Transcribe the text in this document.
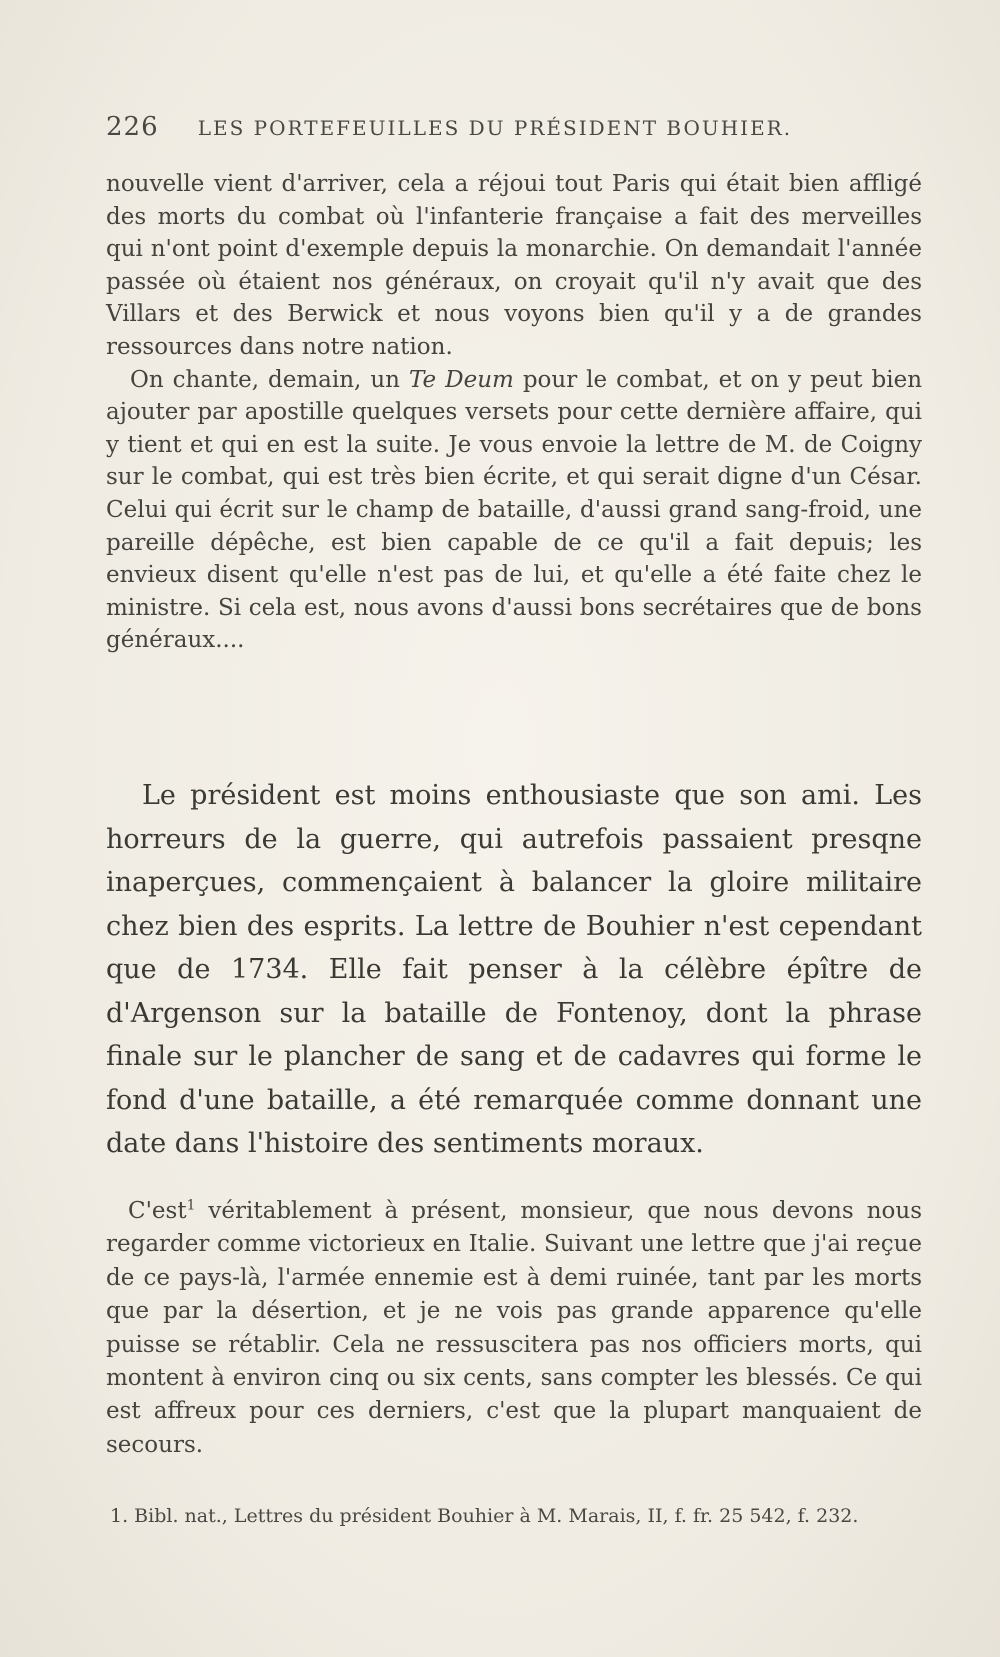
226 LES PORTEFEUILLES DU PRÉSIDENT BOUHIER.

nouvelle vient d'arriver, cela a réjoui tout Paris qui était bien affligé des morts du combat où l'infanterie française a fait des merveilles qui n'ont point d'exemple depuis la monarchie. On demandait l'année passée où étaient nos généraux, on croyait qu'il n'y avait que des Villars et des Berwick et nous voyons bien qu'il y a de grandes ressources dans notre nation.

On chante, demain, un Te Deum pour le combat, et on y peut bien ajouter par apostille quelques versets pour cette dernière affaire, qui y tient et qui en est la suite. Je vous envoie la lettre de M. de Coigny sur le combat, qui est très bien écrite, et qui serait digne d'un César. Celui qui écrit sur le champ de bataille, d'aussi grand sang-froid, une pareille dépêche, est bien capable de ce qu'il a fait depuis; les envieux disent qu'elle n'est pas de lui, et qu'elle a été faite chez le ministre. Si cela est, nous avons d'aussi bons secrétaires que de bons généraux....

Le président est moins enthousiaste que son ami. Les horreurs de la guerre, qui autrefois passaient presqne inaperçues, commençaient à balancer la gloire militaire chez bien des esprits. La lettre de Bouhier n'est cependant que de 1734. Elle fait penser à la célèbre épître de d'Argenson sur la bataille de Fontenoy, dont la phrase finale sur le plancher de sang et de cadavres qui forme le fond d'une bataille, a été remarquée comme donnant une date dans l'histoire des sentiments moraux.

C'est$^1$ véritablement à présent, monsieur, que nous devons nous regarder comme victorieux en Italie. Suivant une lettre que j'ai reçue de ce pays-là, l'armée ennemie est à demi ruinée, tant par les morts que par la désertion, et je ne vois pas grande apparence qu'elle puisse se rétablir. Cela ne ressuscitera pas nos officiers morts, qui montent à environ cinq ou six cents, sans compter les blessés. Ce qui est affreux pour ces derniers, c'est que la plupart manquaient de secours.

1. Bibl. nat., Lettres du président Bouhier à M. Marais, II, f. fr. 25 542, f. 232.
